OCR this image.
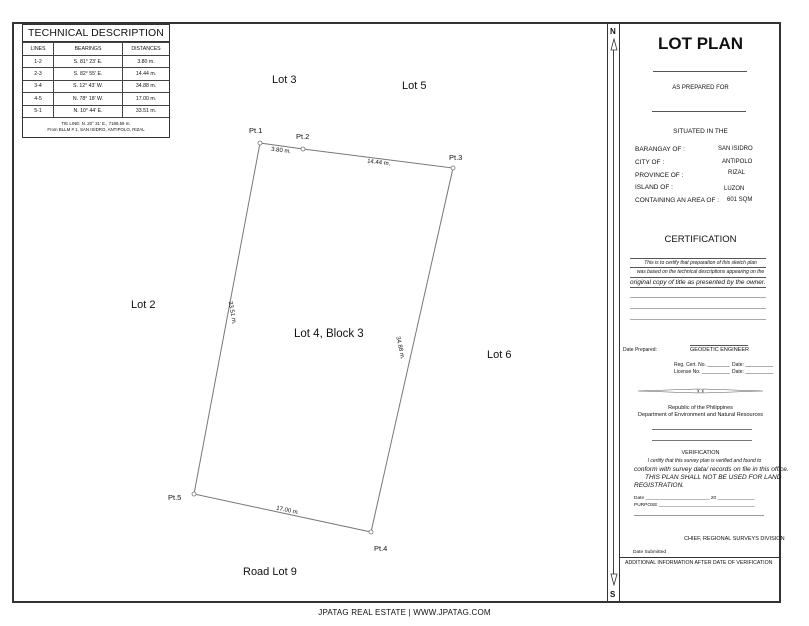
TECHNICAL DESCRIPTION
LINES	BEARINGS	DISTANCES
1-2	S. 81° 23' E.	3.80 m.
2-3	S. 82° 55' E.	14.44 m.
3-4	S. 12° 43' W.	34.88 m.
4-5	N. 78° 18' W.	17.00 m.
5-1	N. 10° 44' E.	33.51 m.
TIE LINE: N. 20° 31' E., 7189.59 m.
From BLLM # 1, SAN ISIDRO, ANTIPOLO, RIZAL	Pt.1
Pt.2
Pt.3
Pt.4
Pt.5
3.80 m.
14.44 m.
34.88 m.
17.00 m.
33.51 m.
Lot 4, Block 3
Lot 3	Lot 5
Lot 2
Lot 6
Road Lot 9
N
S
LOT PLAN
AS PREPARED FOR
SITUATED IN THE
BARANGAY OF :	SAN ISIDRO
CITY OF :	ANTIPOLO
PROVINCE OF :	RIZAL
ISLAND OF :	LUZON
CONTAINING AN AREA OF : 601 SQM
CERTIFICATION
This is to certify that preparation of this sketch plan
was based on the technical descriptions appearing on the
original copy of title as presented by the owner.
Date Prepared:	GEODETIC ENGINEER
Reg. Cert. No. ________ Date: __________
License No. __________ Date: __________
Republic of the Philippines
Department of Environment and Natural Resources
VERIFICATION
I certify that this survey plan is verified and found to
conform with survey data/ records on file in this office.
THIS PLAN SHALL NOT BE USED FOR LAND
REGISTRATION.
Date ________________________ 20 ______________
PURPOSE ____________________________________
CHIEF, REGIONAL SURVEYS DIVISION
Date Submitted
ADDITIONAL INFORMATION AFTER DATE OF VERIFICATION
JPATAG REAL ESTATE | WWW.JPATAG.COM
